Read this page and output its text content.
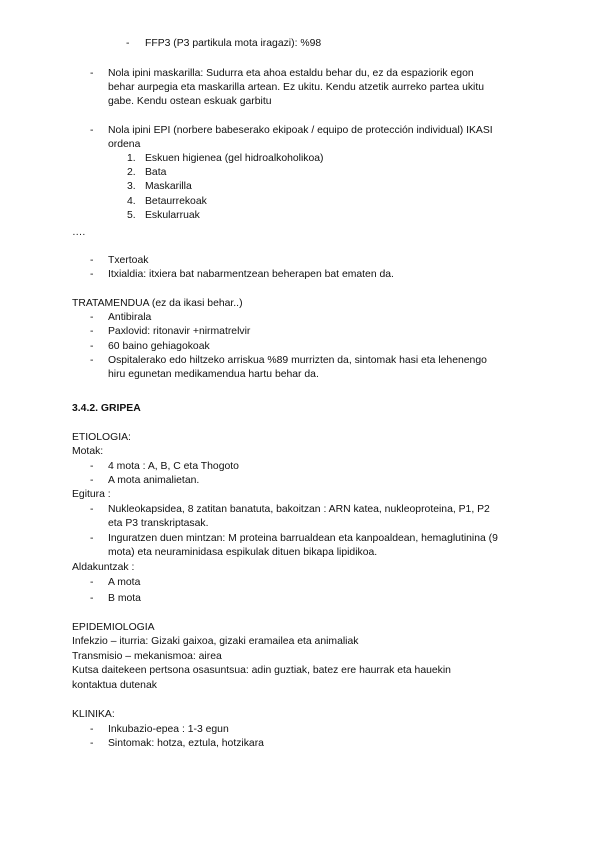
- FFP3 (P3 partikula mota iragazi): %98
- Nola ipini maskarilla: Sudurra eta ahoa estaldu behar du, ez da espaziorik egon
behar aurpegia eta maskarilla artean. Ez ukitu. Kendu atzetik aurreko partea ukitu
gabe. Kendu ostean eskuak garbitu
- Nola ipini EPI (norbere babeserako ekipoak / equipo de protección individual) IKASI
ordena
1. Eskuen higienea (gel hidroalkoholikoa)
2. Bata
3. Maskarilla
4. Betaurrekoak
5. Eskularruak
….
- Txertoak
- Itxialdia: itxiera bat nabarmentzean beherapen bat ematen da.
TRATAMENDUA (ez da ikasi behar..)
- Antibirala
- Paxlovid: ritonavir +nirmatrelvir
- 60 baino gehiagokoak
- Ospitalerako edo hiltzeko arriskua %89 murrizten da, sintomak hasi eta lehenengo
hiru egunetan medikamendua hartu behar da.
3.4.2. GRIPEA
ETIOLOGIA:
Motak:
- 4 mota : A, B, C eta Thogoto
- A mota animalietan.
Egitura :
- Nukleokapsidea, 8 zatitan banatuta, bakoitzan : ARN katea, nukleoproteina, P1, P2
eta P3 transkriptasak.
- Inguratzen duen mintzan: M proteina barrualdean eta kanpoaldean, hemaglutinina (9
mota) eta neuraminidasa espikulak dituen bikapa lipidikoa.
Aldakuntzak :
- A mota
- B mota
EPIDEMIOLOGIA
Infekzio – iturria: Gizaki gaixoa, gizaki eramailea eta animaliak
Transmisio – mekanismoa: airea
Kutsa daitekeen pertsona osasuntsua: adin guztiak, batez ere haurrak eta hauekin
kontaktua dutenak
KLINIKA:
- Inkubazio-epea : 1-3 egun
- Sintomak: hotza, eztula, hotzikara
